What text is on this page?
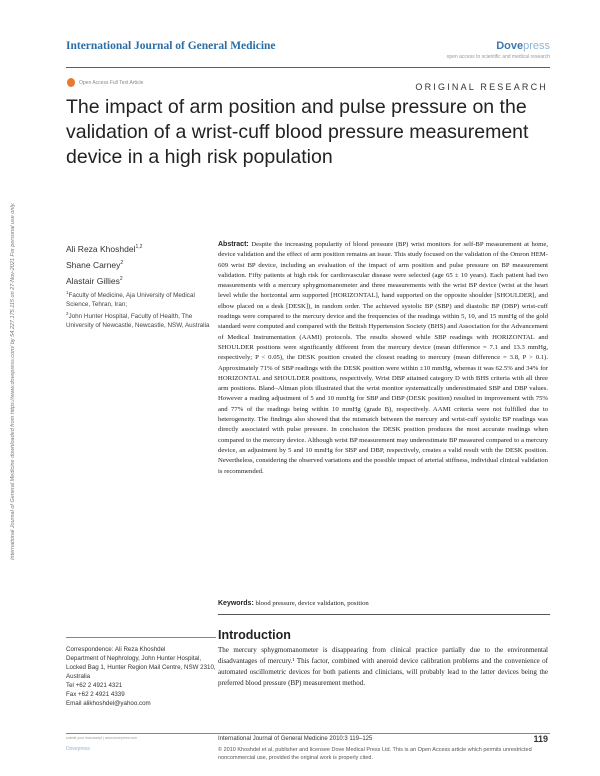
International Journal of General Medicine	Dovepress
open access to scientific and medical research
Open Access Full Text Article	ORIGINAL RESEARCH
The impact of arm position and pulse pressure on the validation of a wrist-cuff blood pressure measurement device in a high risk population
International Journal of General Medicine downloaded from https://www.dovepress.com/ by 54.227.175.115 on 27-Nov-2021 For personal use only.	Ali Reza Khoshdel$^{1,2}$
Shane Carney$^2$
Alastair Gillies$^2$
$^1$Faculty of Medicine, Aja University of Medical Science, Tehran, Iran;
$^2$John Hunter Hospital, Faculty of Health, The University of Newcastle, Newcastle, NSW, Australia
Abstract: Despite the increasing popularity of blood pressure (BP) wrist monitors for self-BP measurement at home, device validation and the effect of arm position remains an issue. This study focused on the validation of the Omron HEM-609 wrist BP device, including an evaluation of the impact of arm position and pulse pressure on BP measurement validation. Fifty patients at high risk for cardiovascular disease were selected (age 65 ± 10 years). Each patient had two measurements with a mercury sphygmomanometer and three measurements with the wrist BP device (wrist at the heart level while the horizontal arm supported [HORIZONTAL], hand supported on the opposite shoulder [SHOULDER], and elbow placed on a desk [DESK]), in random order. The achieved systolic BP (SBP) and diastolic BP (DBP) wrist-cuff readings were compared to the mercury device and the frequencies of the readings within 5, 10, and 15 mmHg of the gold standard were computed and compared with the British Hypertension Society (BHS) and Association for the Advancement of Medical Instrumentation (AAMI) protocols. The results showed while SBP readings with HORIZONTAL and SHOULDER positions were significantly different from the mercury device (mean difference = 7.1 and 13.3 mmHg, respectively; P < 0.05), the DESK position created the closest reading to mercury (mean difference = 3.8, P > 0.1). Approximately 71% of SBP readings with the DESK position were within ±10 mmHg, whereas it was 62.5% and 34% for HORIZONTAL and SHOULDER positions, respectively. Wrist DBP attained category D with BHS criteria with all three arm positions. Bland–Altman plots illustrated that the wrist monitor systematically underestimated SBP and DBP values. However a reading adjustment of 5 and 10 mmHg for SBP and DBP (DESK position) resulted in improvement with 75% and 77% of the readings being within 10 mmHg (grade B), respectively. AAMI criteria were not fulfilled due to heterogeneity. The findings also showed that the mismatch between the mercury and wrist-cuff systolic BP readings was directly associated with pulse pressure. In conclusion the DESK position produces the most accurate readings when compared to the mercury device. Although wrist BP measurement may underestimate BP measured compared to a mercury device, an adjustment by 5 and 10 mmHg for SBP and DBP, respectively, creates a valid result with the DESK position. Nevertheless, considering the observed variations and the possible impact of arterial stiffness, individual clinical validation is recommended.
Keywords: blood pressure, device validation, position
Introduction
The mercury sphygmomanometer is disappearing from clinical practice partially due to the environmental disadvantages of mercury.¹ This factor, combined with aneroid device calibration problems and the convenience of automated oscillometric devices for both patients and clinicians, will probably lead to the latter devices being the preferred blood pressure (BP) measurement method.
Correspondence: Ali Reza Khoshdel
Department of Nephrology, John Hunter Hospital, Locked Bag 1, Hunter Region Mail Centre, NSW 2310, Australia
Tel +62 2 4921 4321
Fax +62 2 4921 4339
Email alikhoshdel@yahoo.com
submit your manuscript | www.dovepress.com
Dovepress
International Journal of General Medicine 2010:3 119–125	119
© 2010 Khoshdel et al, publisher and licensee Dove Medical Press Ltd. This is an Open Access article which permits unrestricted noncommercial use, provided the original work is properly cited.
